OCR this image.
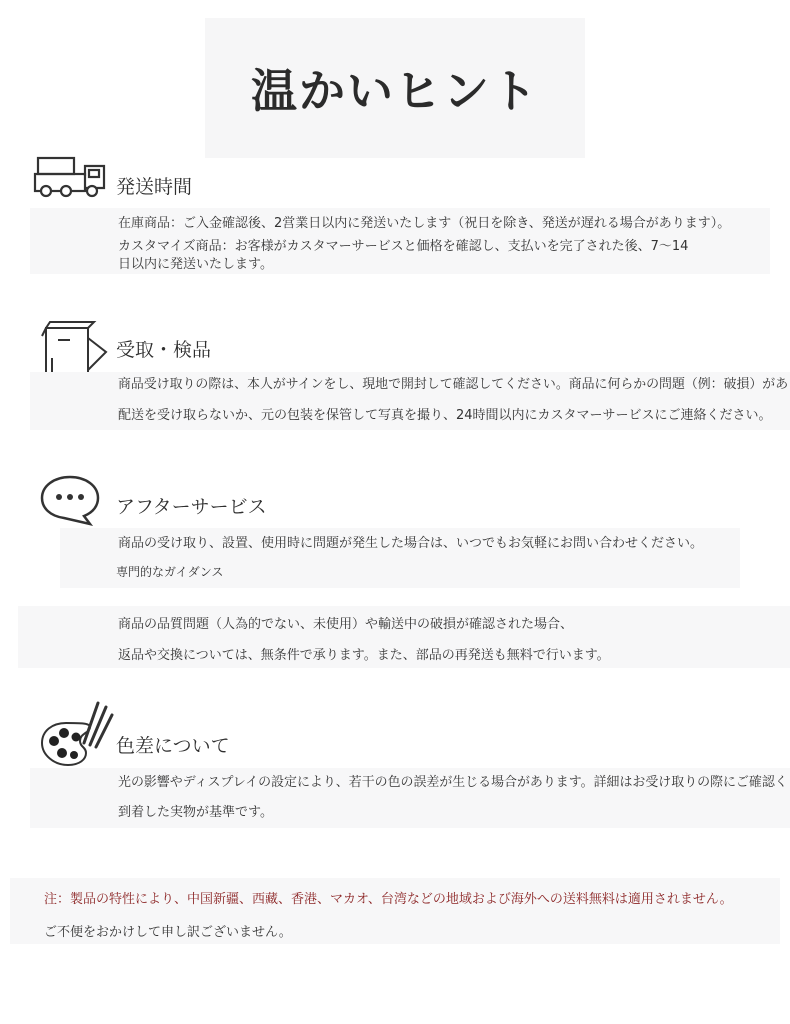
温かいヒント
発送時間
在庫商品：ご入金確認後、2営業日以内に発送いたします（祝日を除き、発送が遅れる場合があります）。
カスタマイズ商品：お客様がカスタマーサービスと価格を確認し、支払いを完了された後、7〜14
日以内に発送いたします。
受取・検品
商品受け取りの際は、本人がサインをし、現地で開封して確認してください。商品に何らかの問題（例：破損）があ
配送を受け取らないか、元の包装を保管して写真を撮り、24時間以内にカスタマーサービスにご連絡ください。
アフターサービス
商品の受け取り、設置、使用時に問題が発生した場合は、いつでもお気軽にお問い合わせください。
専門的なガイダンス
商品の品質問題（人為的でない、未使用）や輸送中の破損が確認された場合、
返品や交換については、無条件で承ります。また、部品の再発送も無料で行います。
色差について
光の影響やディスプレイの設定により、若干の色の誤差が生じる場合があります。詳細はお受け取りの際にご確認く
到着した実物が基準です。
注：製品の特性により、中国新疆、西藏、香港、マカオ、台湾などの地域および海外への送料無料は適用されません。
ご不便をおかけして申し訳ございません。
